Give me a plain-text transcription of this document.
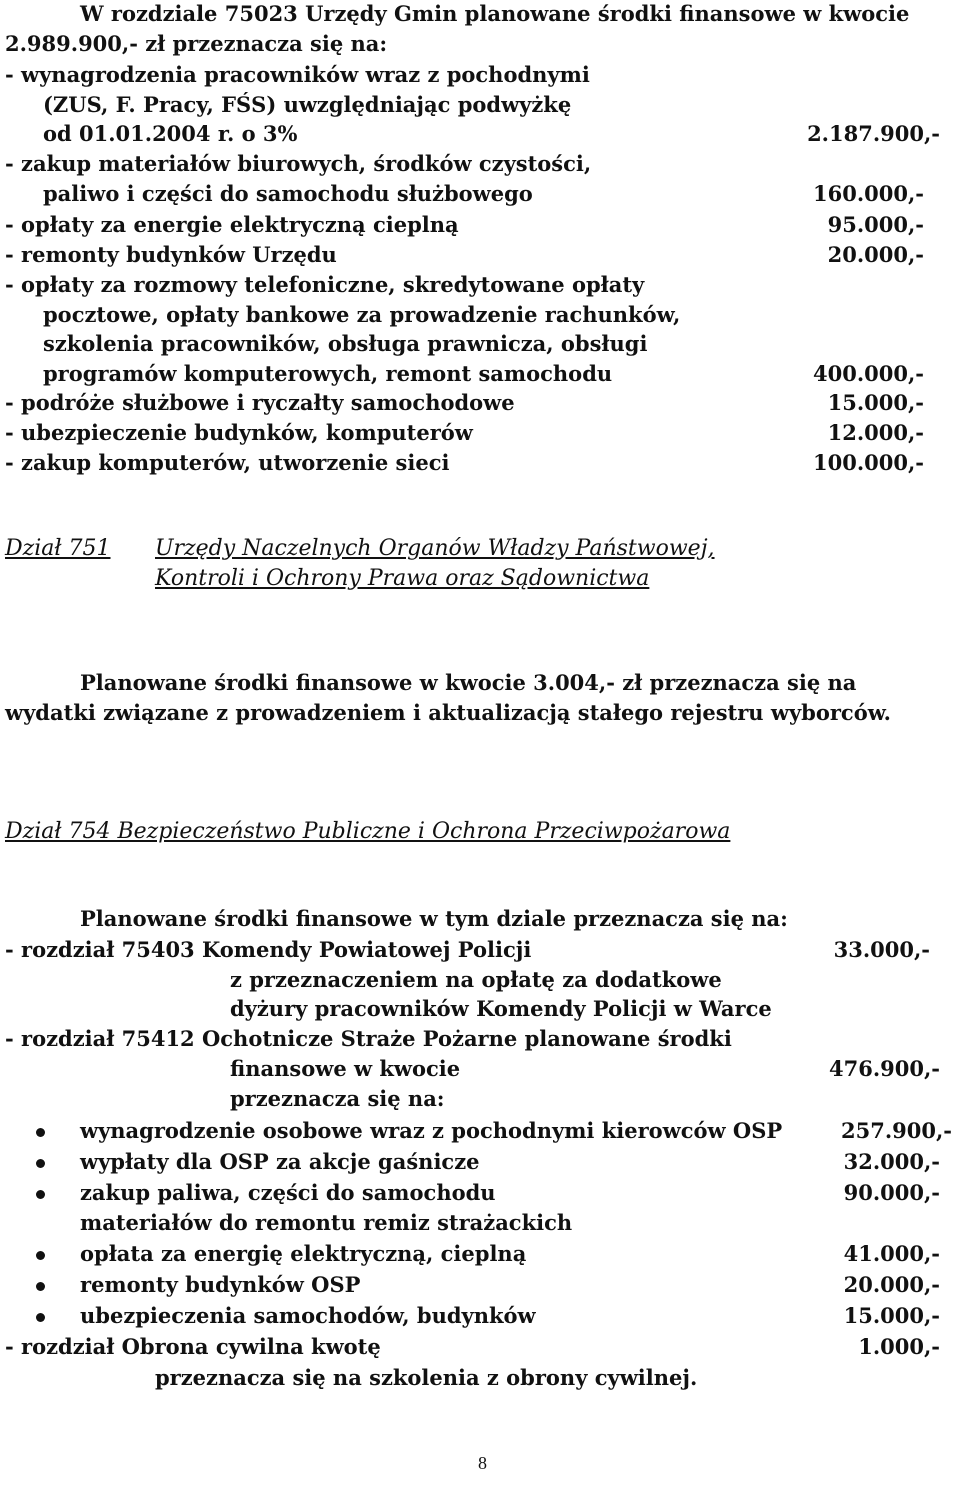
W rozdziale 75023 Urzędy Gmin planowane środki finansowe w kwocie
2.989.900,- zł przeznacza się na:
- wynagrodzenia pracowników wraz z pochodnymi
(ZUS, F. Pracy, FŚS) uwzględniając podwyżkę
od 01.01.2004 r. o 3%	2.187.900,-
- zakup materiałów biurowych, środków czystości,
paliwo i części do samochodu służbowego	160.000,-
- opłaty za energie elektryczną cieplną	95.000,-
- remonty budynków Urzędu	20.000,-
- opłaty za rozmowy telefoniczne, skredytowane opłaty
pocztowe, opłaty bankowe za prowadzenie rachunków,
szkolenia pracowników, obsługa prawnicza, obsługi
programów komputerowych, remont samochodu	400.000,-
- podróże służbowe i ryczałty samochodowe	15.000,-
- ubezpieczenie budynków, komputerów	12.000,-
- zakup komputerów, utworzenie sieci	100.000,-
Dział 751 Urzędy Naczelnych Organów Władzy Państwowej,
Kontroli i Ochrony Prawa oraz Sądownictwa
Planowane środki finansowe w kwocie 3.004,- zł przeznacza się na
wydatki związane z prowadzeniem i aktualizacją stałego rejestru wyborców.
Dział 754 Bezpieczeństwo Publiczne i Ochrona Przeciwpożarowa
Planowane środki finansowe w tym dziale przeznacza się na:
- rozdział 75403 Komendy Powiatowej Policji	33.000,-
z przeznaczeniem na opłatę za dodatkowe
dyżury pracowników Komendy Policji w Warce
- rozdział 75412 Ochotnicze Straże Pożarne planowane środki
finansowe w kwocie	476.900,-
przeznacza się na:
wynagrodzenie osobowe wraz z pochodnymi kierowców OSP	257.900,-
wypłaty dla OSP za akcje gaśnicze	32.000,-
zakup paliwa, części do samochodu	90.000,-
materiałów do remontu remiz strażackich
opłata za energię elektryczną, cieplną	41.000,-
remonty budynków OSP	20.000,-
ubezpieczenia samochodów, budynków	15.000,-
- rozdział Obrona cywilna kwotę	1.000,-
przeznacza się na szkolenia z obrony cywilnej.
8
